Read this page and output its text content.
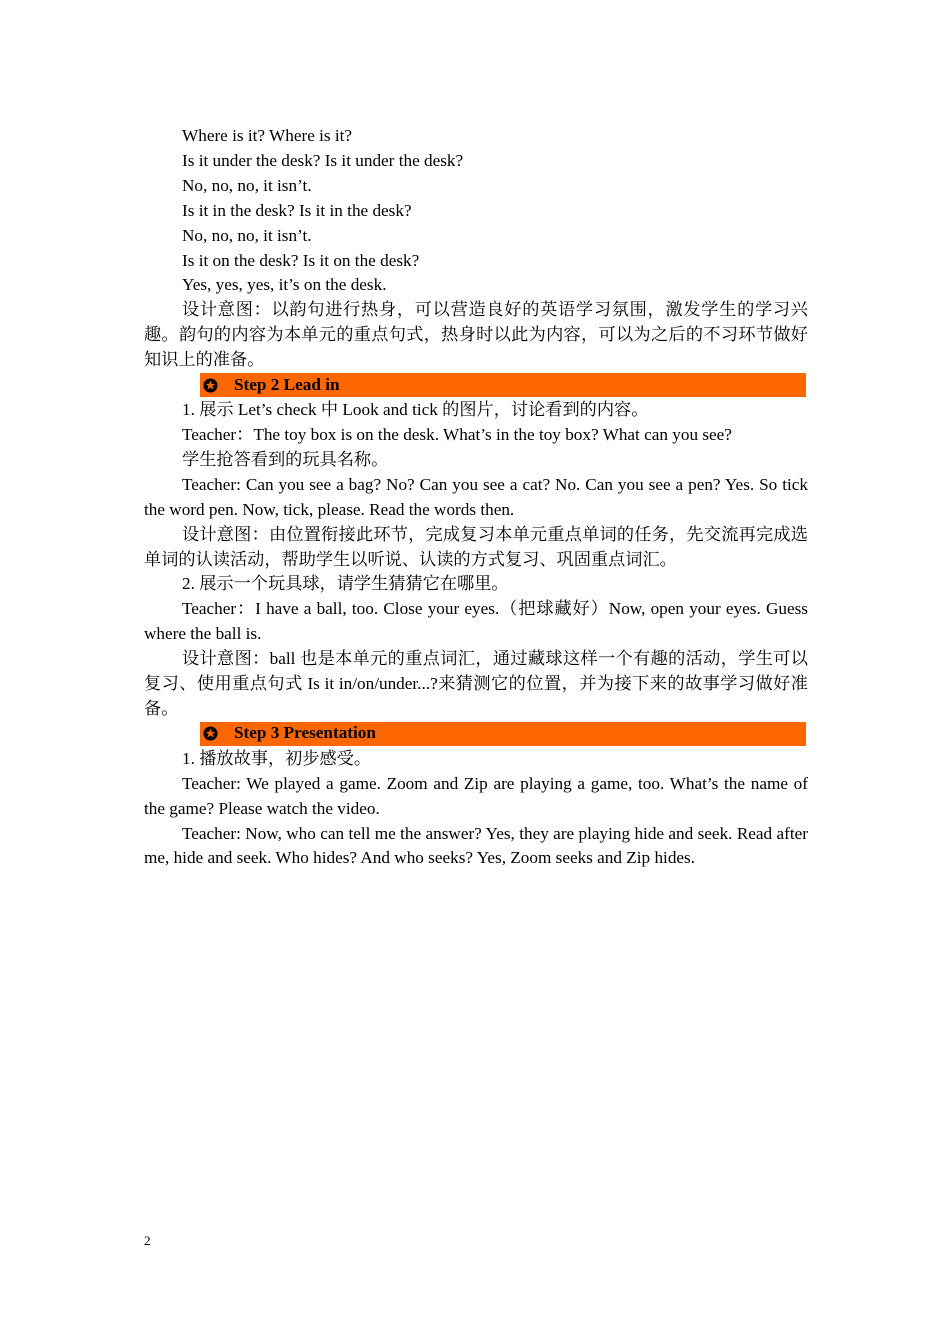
Where is it? Where is it?

Is it under the desk? Is it under the desk?

No, no, no, it isn’t.

Is it in the desk? Is it in the desk?

No, no, no, it isn’t.

Is it on the desk? Is it on the desk?

Yes, yes, yes, it’s on the desk.

设计意图：以韵句进行热身，可以营造良好的英语学习氛围，激发学生的学习兴趣。韵句的内容为本单元的重点句式，热身时以此为内容，可以为之后的不习环节做好知识上的准备。

Step 2 Lead in

1. 展示 Let’s check 中 Look and tick 的图片，讨论看到的内容。

Teacher：The toy box is on the desk. What’s in the toy box? What can you see?

学生抢答看到的玩具名称。

Teacher: Can you see a bag? No? Can you see a cat? No. Can you see a pen? Yes. So tick the word pen. Now, tick, please. Read the words then.

设计意图：由位置衔接此环节，完成复习本单元重点单词的任务，先交流再完成选单词的认读活动，帮助学生以听说、认读的方式复习、巩固重点词汇。

2. 展示一个玩具球，请学生猜猜它在哪里。

Teacher：I have a ball, too. Close your eyes.（把球藏好）Now, open your eyes. Guess where the ball is.

设计意图：ball 也是本单元的重点词汇，通过藏球这样一个有趣的活动，学生可以复习、使用重点句式 Is it in/on/under...?来猜测它的位置，并为接下来的故事学习做好准备。

Step 3 Presentation

1. 播放故事，初步感受。

Teacher: We played a game. Zoom and Zip are playing a game, too. What’s the name of the game? Please watch the video.

Teacher: Now, who can tell me the answer? Yes, they are playing hide and seek. Read after me, hide and seek. Who hides? And who seeks? Yes, Zoom seeks and Zip hides.

2
